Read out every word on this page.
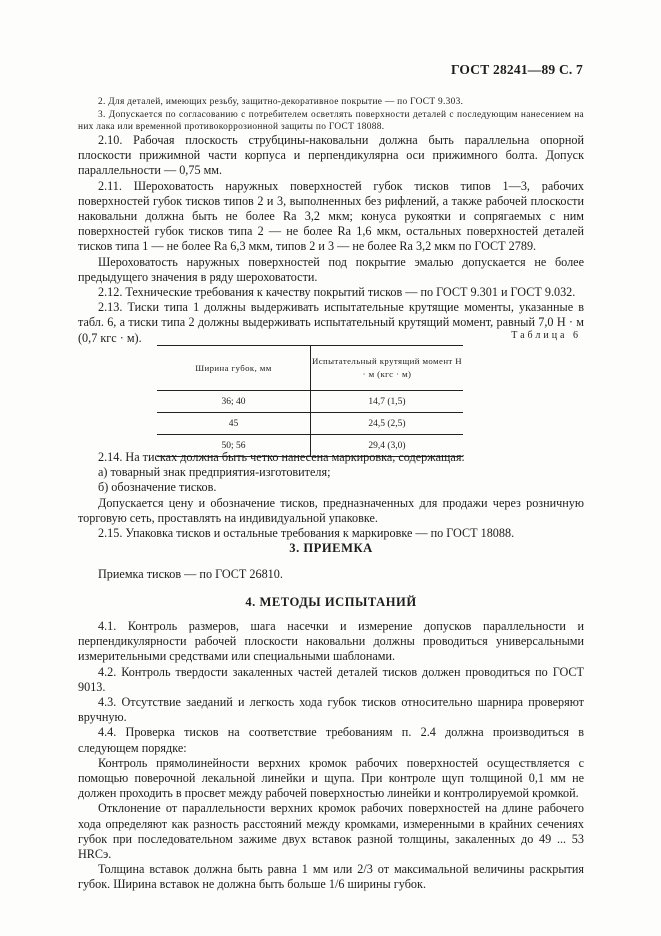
ГОСТ 28241—89 С. 7

2. Для деталей, имеющих резьбу, защитно-декоративное покрытие — по ГОСТ 9.303.

3. Допускается по согласованию с потребителем осветлять поверхности деталей с последующим нанесением на них лака или временной противокоррозионной защиты по ГОСТ 18088.

2.10. Рабочая плоскость струбцины-наковальни должна быть параллельна опорной плоскости прижимной части корпуса и перпендикулярна оси прижимного болта. Допуск параллельности — 0,75 мм.

2.11. Шероховатость наружных поверхностей губок тисков типов 1—3, рабочих поверхностей губок тисков типов 2 и 3, выполненных без рифлений, а также рабочей плоскости наковальни должна быть не более Ra 3,2 мкм; конуса рукоятки и сопрягаемых с ним поверхностей губок тисков типа 2 — не более Ra 1,6 мкм, остальных поверхностей деталей тисков типа 1 — не более Ra 6,3 мкм, типов 2 и 3 — не более Ra 3,2 мкм по ГОСТ 2789.

Шероховатость наружных поверхностей под покрытие эмалью допускается не более предыдущего значения в ряду шероховатости.

2.12. Технические требования к качеству покрытий тисков — по ГОСТ 9.301 и ГОСТ 9.032.

2.13. Тиски типа 1 должны выдерживать испытательные крутящие моменты, указанные в табл. 6, а тиски типа 2 должны выдерживать испытательный крутящий момент, равный 7,0 Н · м (0,7 кгс · м).	Таблица 6
Ширина губок, мм	Испытательный крутящий момент Н · м (кгс · м)
36; 40	14,7 (1,5)
45	24,5 (2,5)
50; 56	29,4 (3,0)

2.14. На тисках должна быть четко нанесена маркировка, содержащая:

а) товарный знак предприятия-изготовителя;

б) обозначение тисков.

Допускается цену и обозначение тисков, предназначенных для продажи через розничную торговую сеть, проставлять на индивидуальной упаковке.

2.15. Упаковка тисков и остальные требования к маркировке — по ГОСТ 18088.

3. ПРИЕМКА

Приемка тисков — по ГОСТ 26810.

4. МЕТОДЫ ИСПЫТАНИЙ

4.1. Контроль размеров, шага насечки и измерение допусков параллельности и перпендикулярности рабочей плоскости наковальни должны проводиться универсальными измерительными средствами или специальными шаблонами.

4.2. Контроль твердости закаленных частей деталей тисков должен проводиться по ГОСТ 9013.

4.3. Отсутствие заеданий и легкость хода губок тисков относительно шарнира проверяют вручную.

4.4. Проверка тисков на соответствие требованиям п. 2.4 должна производиться в следующем порядке:

Контроль прямолинейности верхних кромок рабочих поверхностей осуществляется с помощью поверочной лекальной линейки и щупа. При контроле щуп толщиной 0,1 мм не должен проходить в просвет между рабочей поверхностью линейки и контролируемой кромкой.

Отклонение от параллельности верхних кромок рабочих поверхностей на длине рабочего хода определяют как разность расстояний между кромками, измеренными в крайних сечениях губок при последовательном зажиме двух вставок разной толщины, закаленных до 49 ... 53 HRCэ.

Толщина вставок должна быть равна 1 мм или 2/3 от максимальной величины раскрытия губок. Ширина вставок не должна быть больше 1/6 ширины губок.
